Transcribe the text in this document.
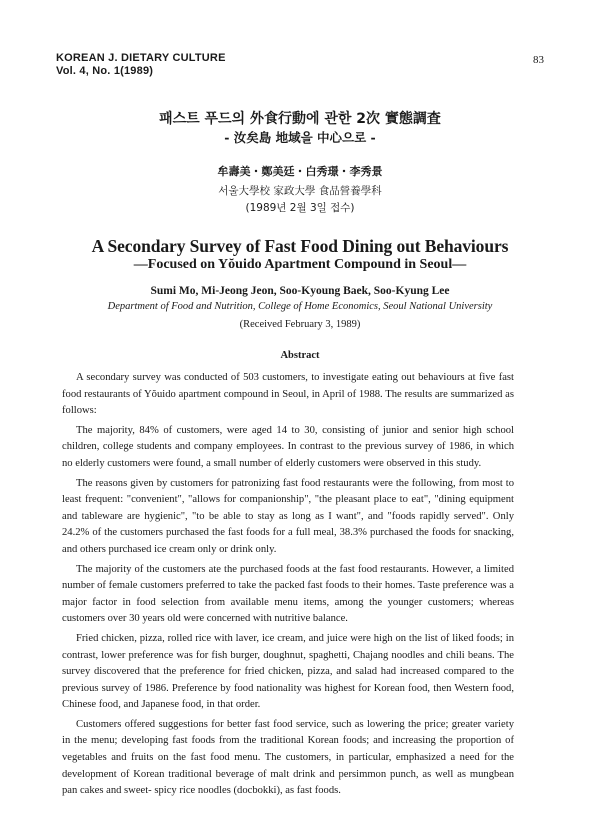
KOREAN J. DIETARY CULTURE
Vol. 4, No. 1(1989)
83
패스트 푸드의 外食行動에 관한 2次 實態調査
- 汝矣島 地域을 中心으로 -
牟壽美・鄭美廷・白秀璟・李秀景
서울大學校 家政大學 食品營養學科
(1989년 2월 3일 접수)
A Secondary Survey of Fast Food Dining out Behaviours
—Focused on Yŏuido Apartment Compound in Seoul—
Sumi Mo, Mi-Jeong Jeon, Soo-Kyoung Baek, Soo-Kyung Lee
Department of Food and Nutrition, College of Home Economics, Seoul National University
(Received February 3, 1989)
Abstract

A secondary survey was conducted of 503 customers, to investigate eating out behaviours at five fast food restaurants of Yŏuido apartment compound in Seoul, in April of 1988. The results are summarized as follows:

The majority, 84% of customers, were aged 14 to 30, consisting of junior and senior high school children, college students and company employees. In contrast to the previous survey of 1986, in which no elderly customers were found, a small number of elderly customers were observed in this study.

The reasons given by customers for patronizing fast food restaurants were the following, from most to least frequent: "convenient", "allows for companionship", "the pleasant place to eat", "dining equipment and tableware are hygienic", "to be able to stay as long as I want", and "foods rapidly served". Only 24.2% of the customers purchased the fast foods for a full meal, 38.3% purchased the foods for snacking, and others purchased ice cream only or drink only.

The majority of the customers ate the purchased foods at the fast food restaurants. However, a limited number of female customers preferred to take the packed fast foods to their homes. Taste preference was a major factor in food selection from available menu items, among the younger customers; whereas customers over 30 years old were concerned with nutritive balance.

Fried chicken, pizza, rolled rice with laver, ice cream, and juice were high on the list of liked foods; in contrast, lower preference was for fish burger, doughnut, spaghetti, Chajang noodles and chili beans. The survey discovered that the preference for fried chicken, pizza, and salad had increased compared to the previous survey of 1986. Preference by food nationality was highest for Korean food, then Western food, Chinese food, and Japanese food, in that order.

Customers offered suggestions for better fast food service, such as lowering the price; greater variety in the menu; developing fast foods from the traditional Korean foods; and increasing the proportion of vegetables and fruits on the fast food menu. The customers, in particular, emphasized a need for the development of Korean traditional beverage of malt drink and persimmon punch, as well as mungbean pan cakes and sweet- spicy rice noodles (docbokki), as fast foods.
